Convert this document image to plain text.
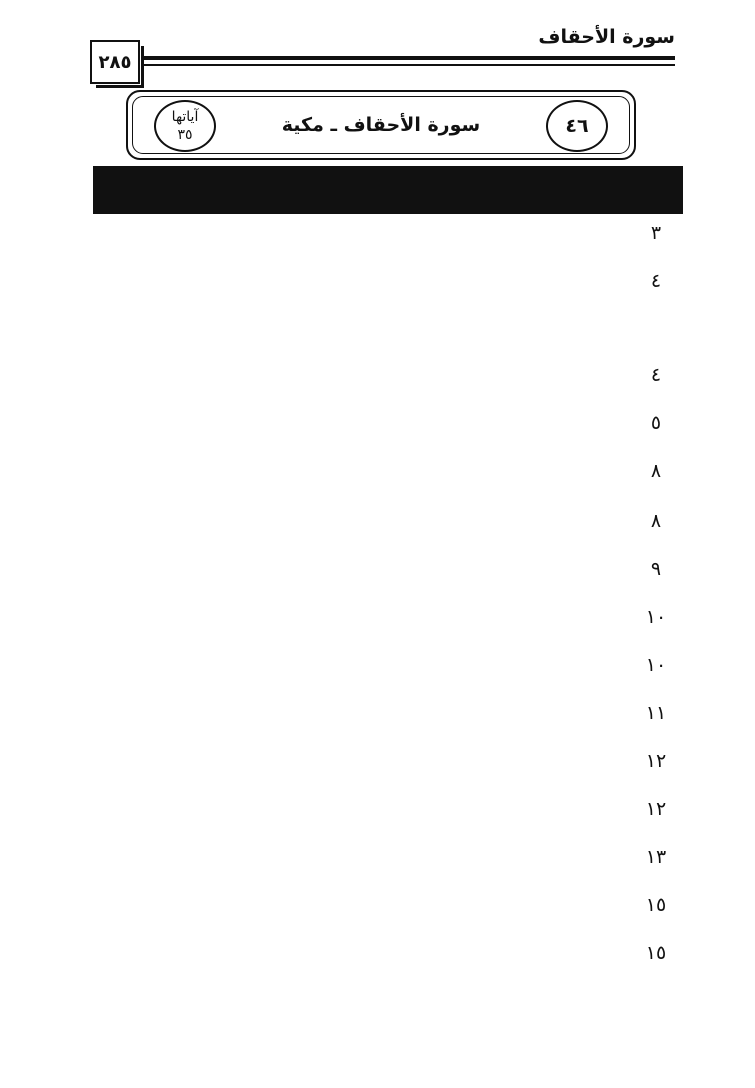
سورة الأحقاف
٢٨٥
آياتها
٣٥	سورة الأحقاف ـ مكية	٤٦
٣
٤
٤
٥
٨
٨
٩
١٠
١٠
١١
١٢
١٢
١٣
١٥
١٥
